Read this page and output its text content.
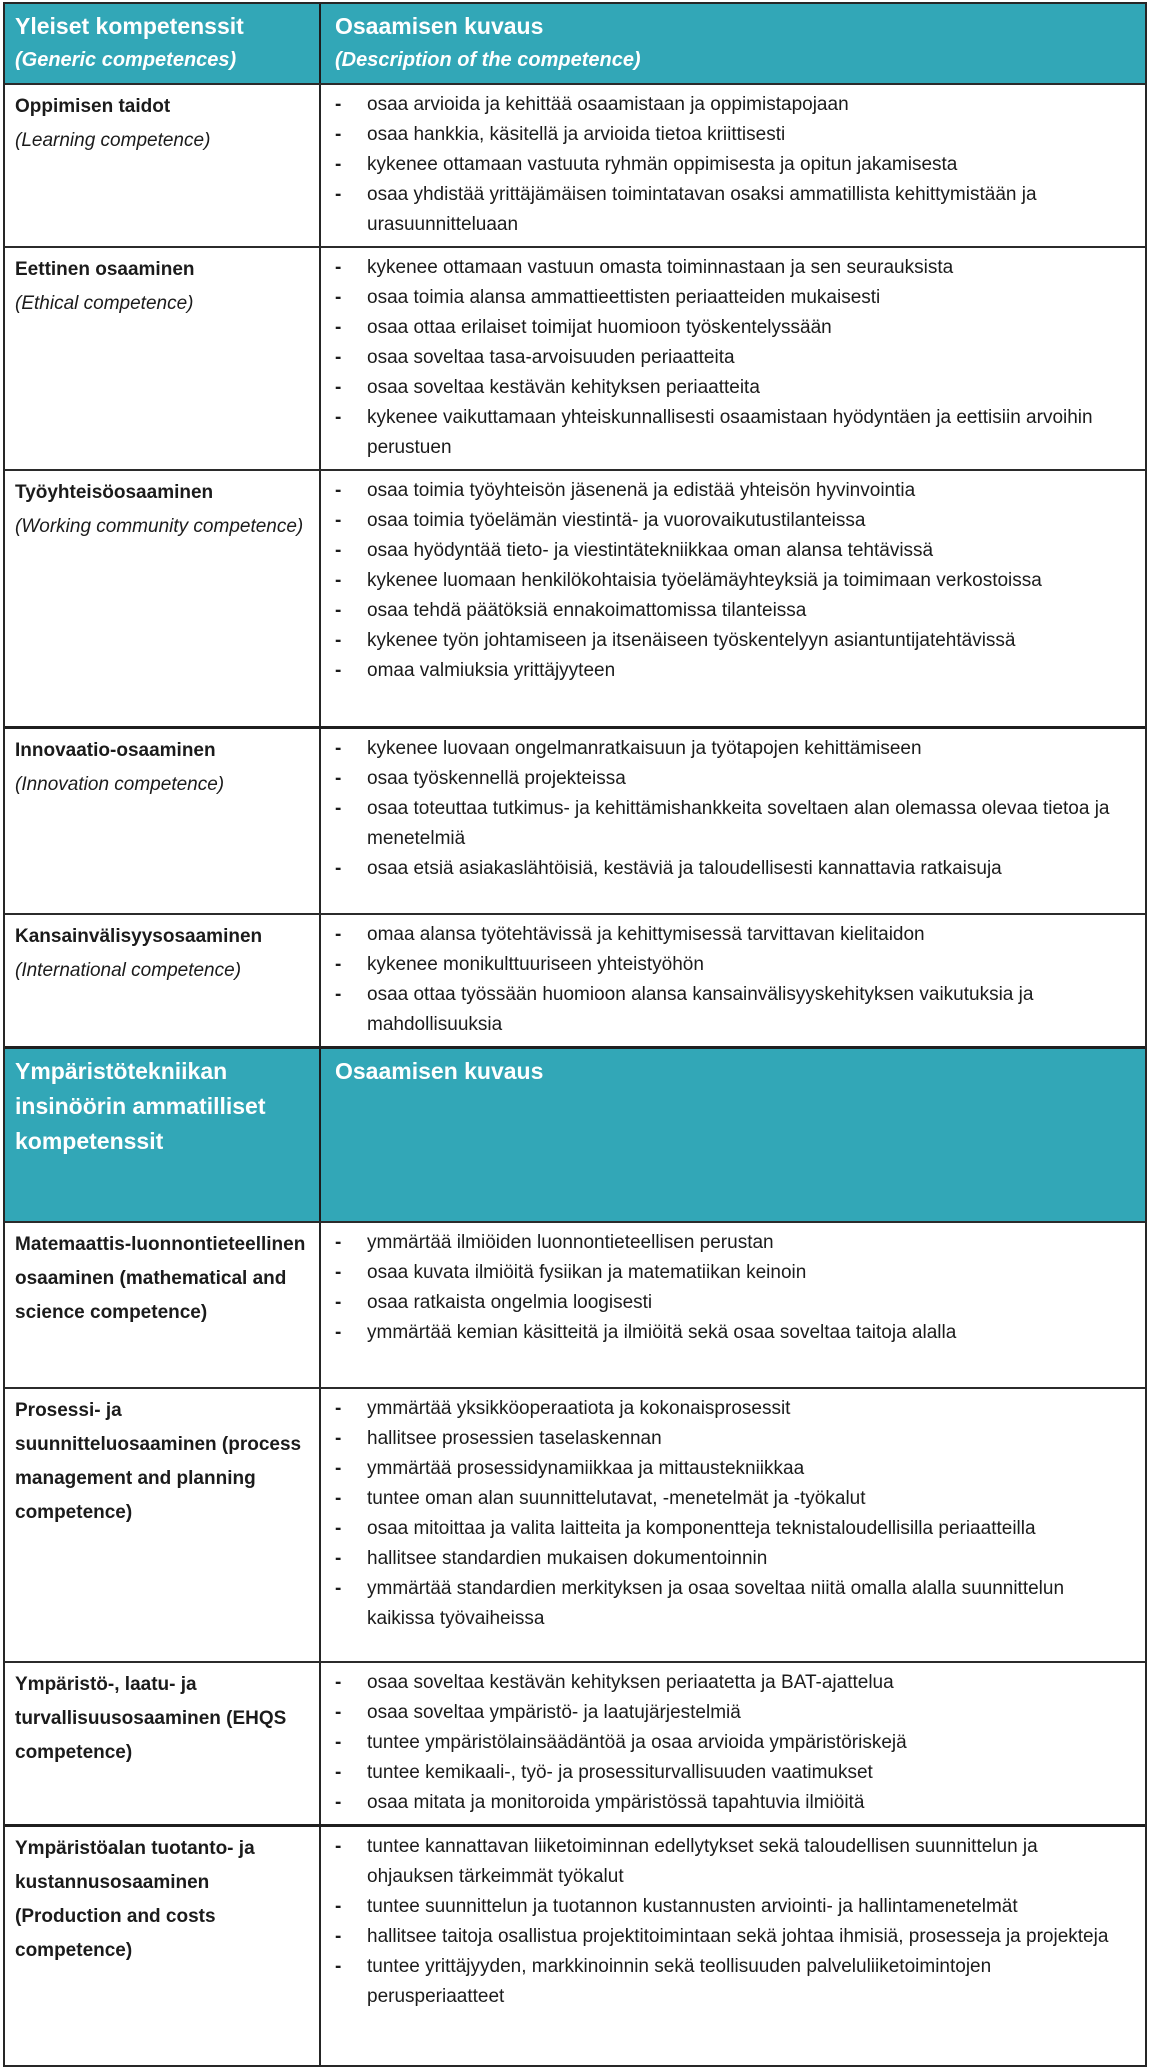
Yleiset kompetenssit
(Generic competences)
Osaamisen kuvaus
(Description of the competence)
Oppimisen taidot
(Learning competence)
- osaa arvioida ja kehittää osaamistaan ja oppimistapojaan
- osaa hankkia, käsitellä ja arvioida tietoa kriittisesti
- kykenee ottamaan vastuuta ryhmän oppimisesta ja opitun jakamisesta
- osaa yhdistää yrittäjämäisen toimintatavan osaksi ammatillista kehittymistään ja urasuunnitteluaan
Eettinen osaaminen
(Ethical competence)
- kykenee ottamaan vastuun omasta toiminnastaan ja sen seurauksista
- osaa toimia alansa ammattieettisten periaatteiden mukaisesti
- osaa ottaa erilaiset toimijat huomioon työskentelyssään
- osaa soveltaa tasa-arvoisuuden periaatteita
- osaa soveltaa kestävän kehityksen periaatteita
- kykenee vaikuttamaan yhteiskunnallisesti osaamistaan hyödyntäen ja eettisiin arvoihin perustuen
Työyhteisöosaaminen
(Working community competence)
- osaa toimia työyhteisön jäsenenä ja edistää yhteisön hyvinvointia
- osaa toimia työelämän viestintä- ja vuorovaikutustilanteissa
- osaa hyödyntää tieto- ja viestintätekniikkaa oman alansa tehtävissä
- kykenee luomaan henkilökohtaisia työelämäyhteyksiä ja toimimaan verkostoissa
- osaa tehdä päätöksiä ennakoimattomissa tilanteissa
- kykenee työn johtamiseen ja itsenäiseen työskentelyyn asiantuntijatehtävissä
- omaa valmiuksia yrittäjyyteen
Innovaatio-osaaminen
(Innovation competence)
- kykenee luovaan ongelmanratkaisuun ja työtapojen kehittämiseen
- osaa työskennellä projekteissa
- osaa toteuttaa tutkimus- ja kehittämishankkeita soveltaen alan olemassa olevaa tietoa ja menetelmiä
- osaa etsiä asiakaslähtöisiä, kestäviä ja taloudellisesti kannattavia ratkaisuja
Kansainvälisyysosaaminen
(International competence)
- omaa alansa työtehtävissä ja kehittymisessä tarvittavan kielitaidon
- kykenee monikulttuuriseen yhteistyöhön
- osaa ottaa työssään huomioon alansa kansainvälisyyskehityksen vaikutuksia ja mahdollisuuksia
Ympäristötekniikan insinöörin ammatilliset kompetenssit
Osaamisen kuvaus
Matemaattis-luonnontieteellinen osaaminen (mathematical and science competence)
- ymmärtää ilmiöiden luonnontieteellisen perustan
- osaa kuvata ilmiöitä fysiikan ja matematiikan keinoin
- osaa ratkaista ongelmia loogisesti
- ymmärtää kemian käsitteitä ja ilmiöitä sekä osaa soveltaa taitoja alalla
Prosessi- ja suunnitteluosaaminen (process management and planning competence)
- ymmärtää yksikköoperaatiota ja kokonaisprosessit
- hallitsee prosessien taselaskennan
- ymmärtää prosessidynamiikkaa ja mittaustekniikkaa
- tuntee oman alan suunnittelutavat, -menetelmät ja -työkalut
- osaa mitoittaa ja valita laitteita ja komponentteja teknistaloudellisilla periaatteilla
- hallitsee standardien mukaisen dokumentoinnin
- ymmärtää standardien merkityksen ja osaa soveltaa niitä omalla alalla suunnittelun kaikissa työvaiheissa
Ympäristö-, laatu- ja turvallisuusosaaminen (EHQS competence)
- osaa soveltaa kestävän kehityksen periaatetta ja BAT-ajattelua
- osaa soveltaa ympäristö- ja laatujärjestelmiä
- tuntee ympäristölainsäädäntöä ja osaa arvioida ympäristöriskejä
- tuntee kemikaali-, työ- ja prosessiturvallisuuden vaatimukset
- osaa mitata ja monitoroida ympäristössä tapahtuvia ilmiöitä
Ympäristöalan tuotanto- ja kustannusosaaminen (Production and costs competence)
- tuntee kannattavan liiketoiminnan edellytykset sekä taloudellisen suunnittelun ja ohjauksen tärkeimmät työkalut
- tuntee suunnittelun ja tuotannon kustannusten arviointi- ja hallintamenetelmät
- hallitsee taitoja osallistua projektitoimintaan sekä johtaa ihmisiä, prosesseja ja projekteja
- tuntee yrittäjyyden, markkinoinnin sekä teollisuuden palveluliiketoimintojen perusperiaatteet
